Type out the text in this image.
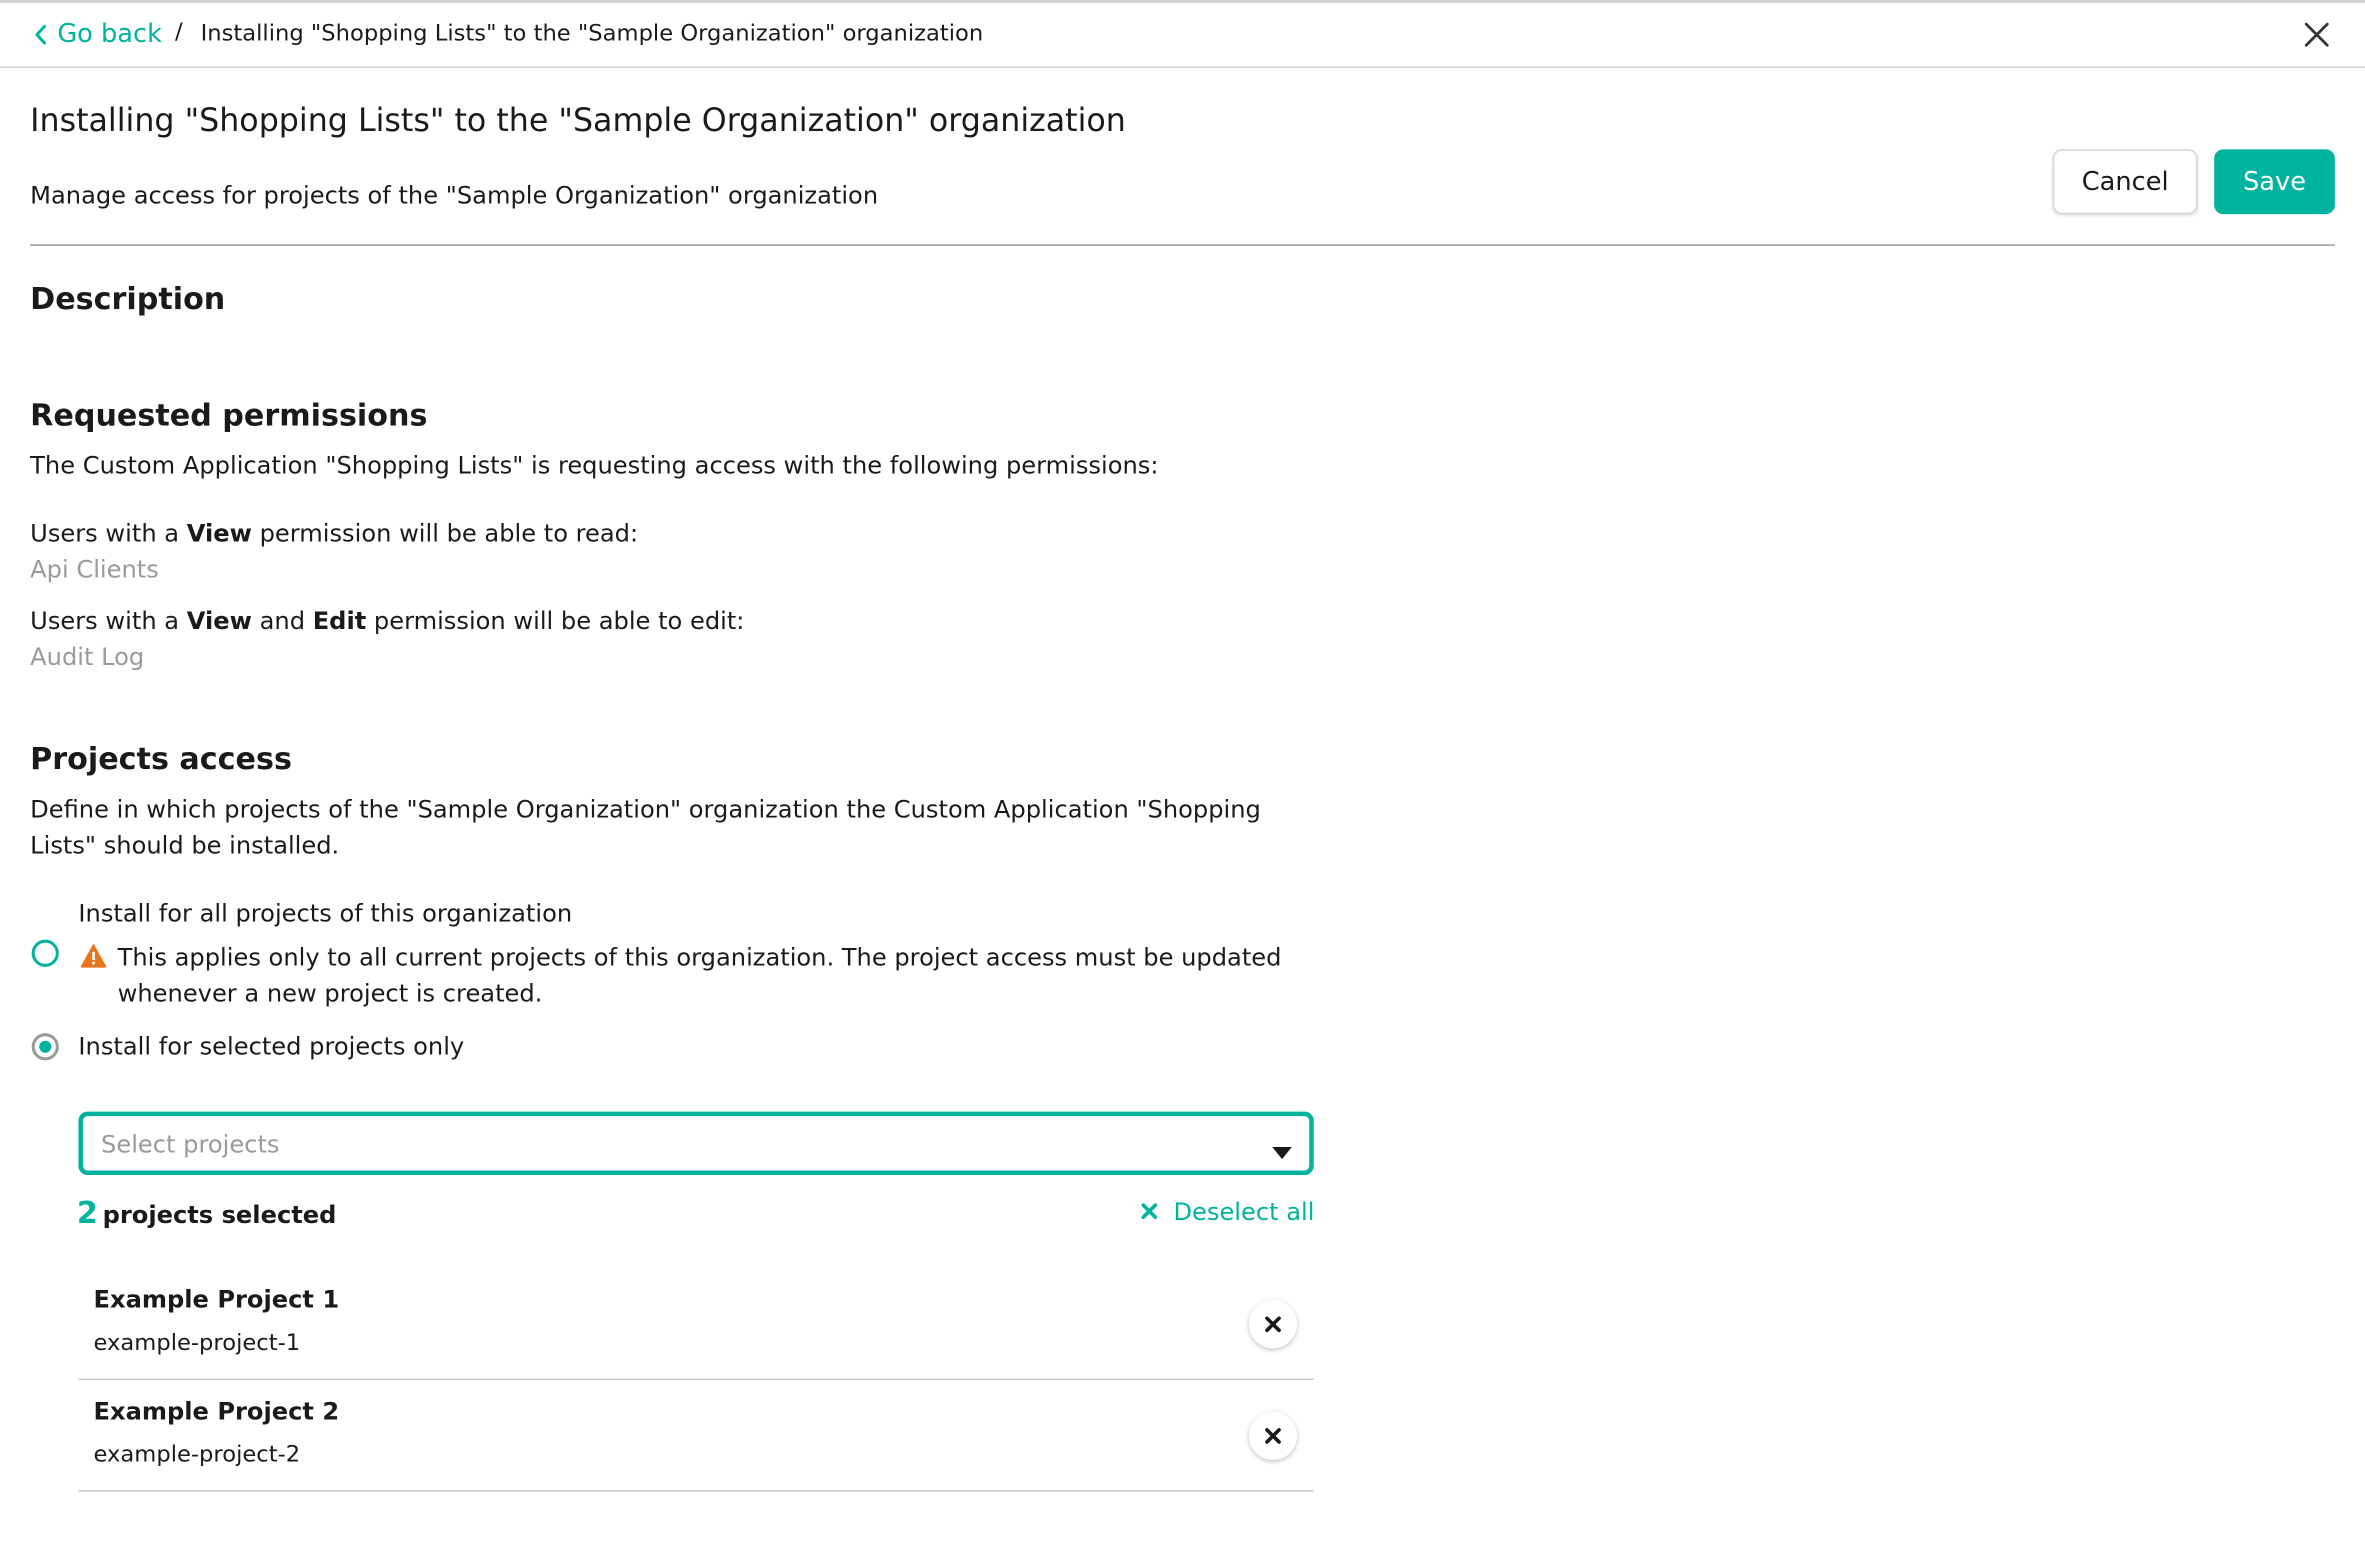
Go back / Installing "Shopping Lists" to the "Sample Organization" organization
Installing "Shopping Lists" to the "Sample Organization" organization
Manage access for projects of the "Sample Organization" organization	Cancel	Save
Description
Requested permissions
The Custom Application "Shopping Lists" is requesting access with the following permissions:
Users with a View permission will be able to read:
Api Clients
Users with a View and Edit permission will be able to edit:
Audit Log
Projects access
Define in which projects of the "Sample Organization" organization the Custom Application "Shopping Lists" should be installed.
Install for all projects of this organization
This applies only to all current projects of this organization. The project access must be updated whenever a new project is created.
Install for selected projects only
Select projects
2 projects selected	Deselect all
Example Project 1
example-project-1
Example Project 2
example-project-2
